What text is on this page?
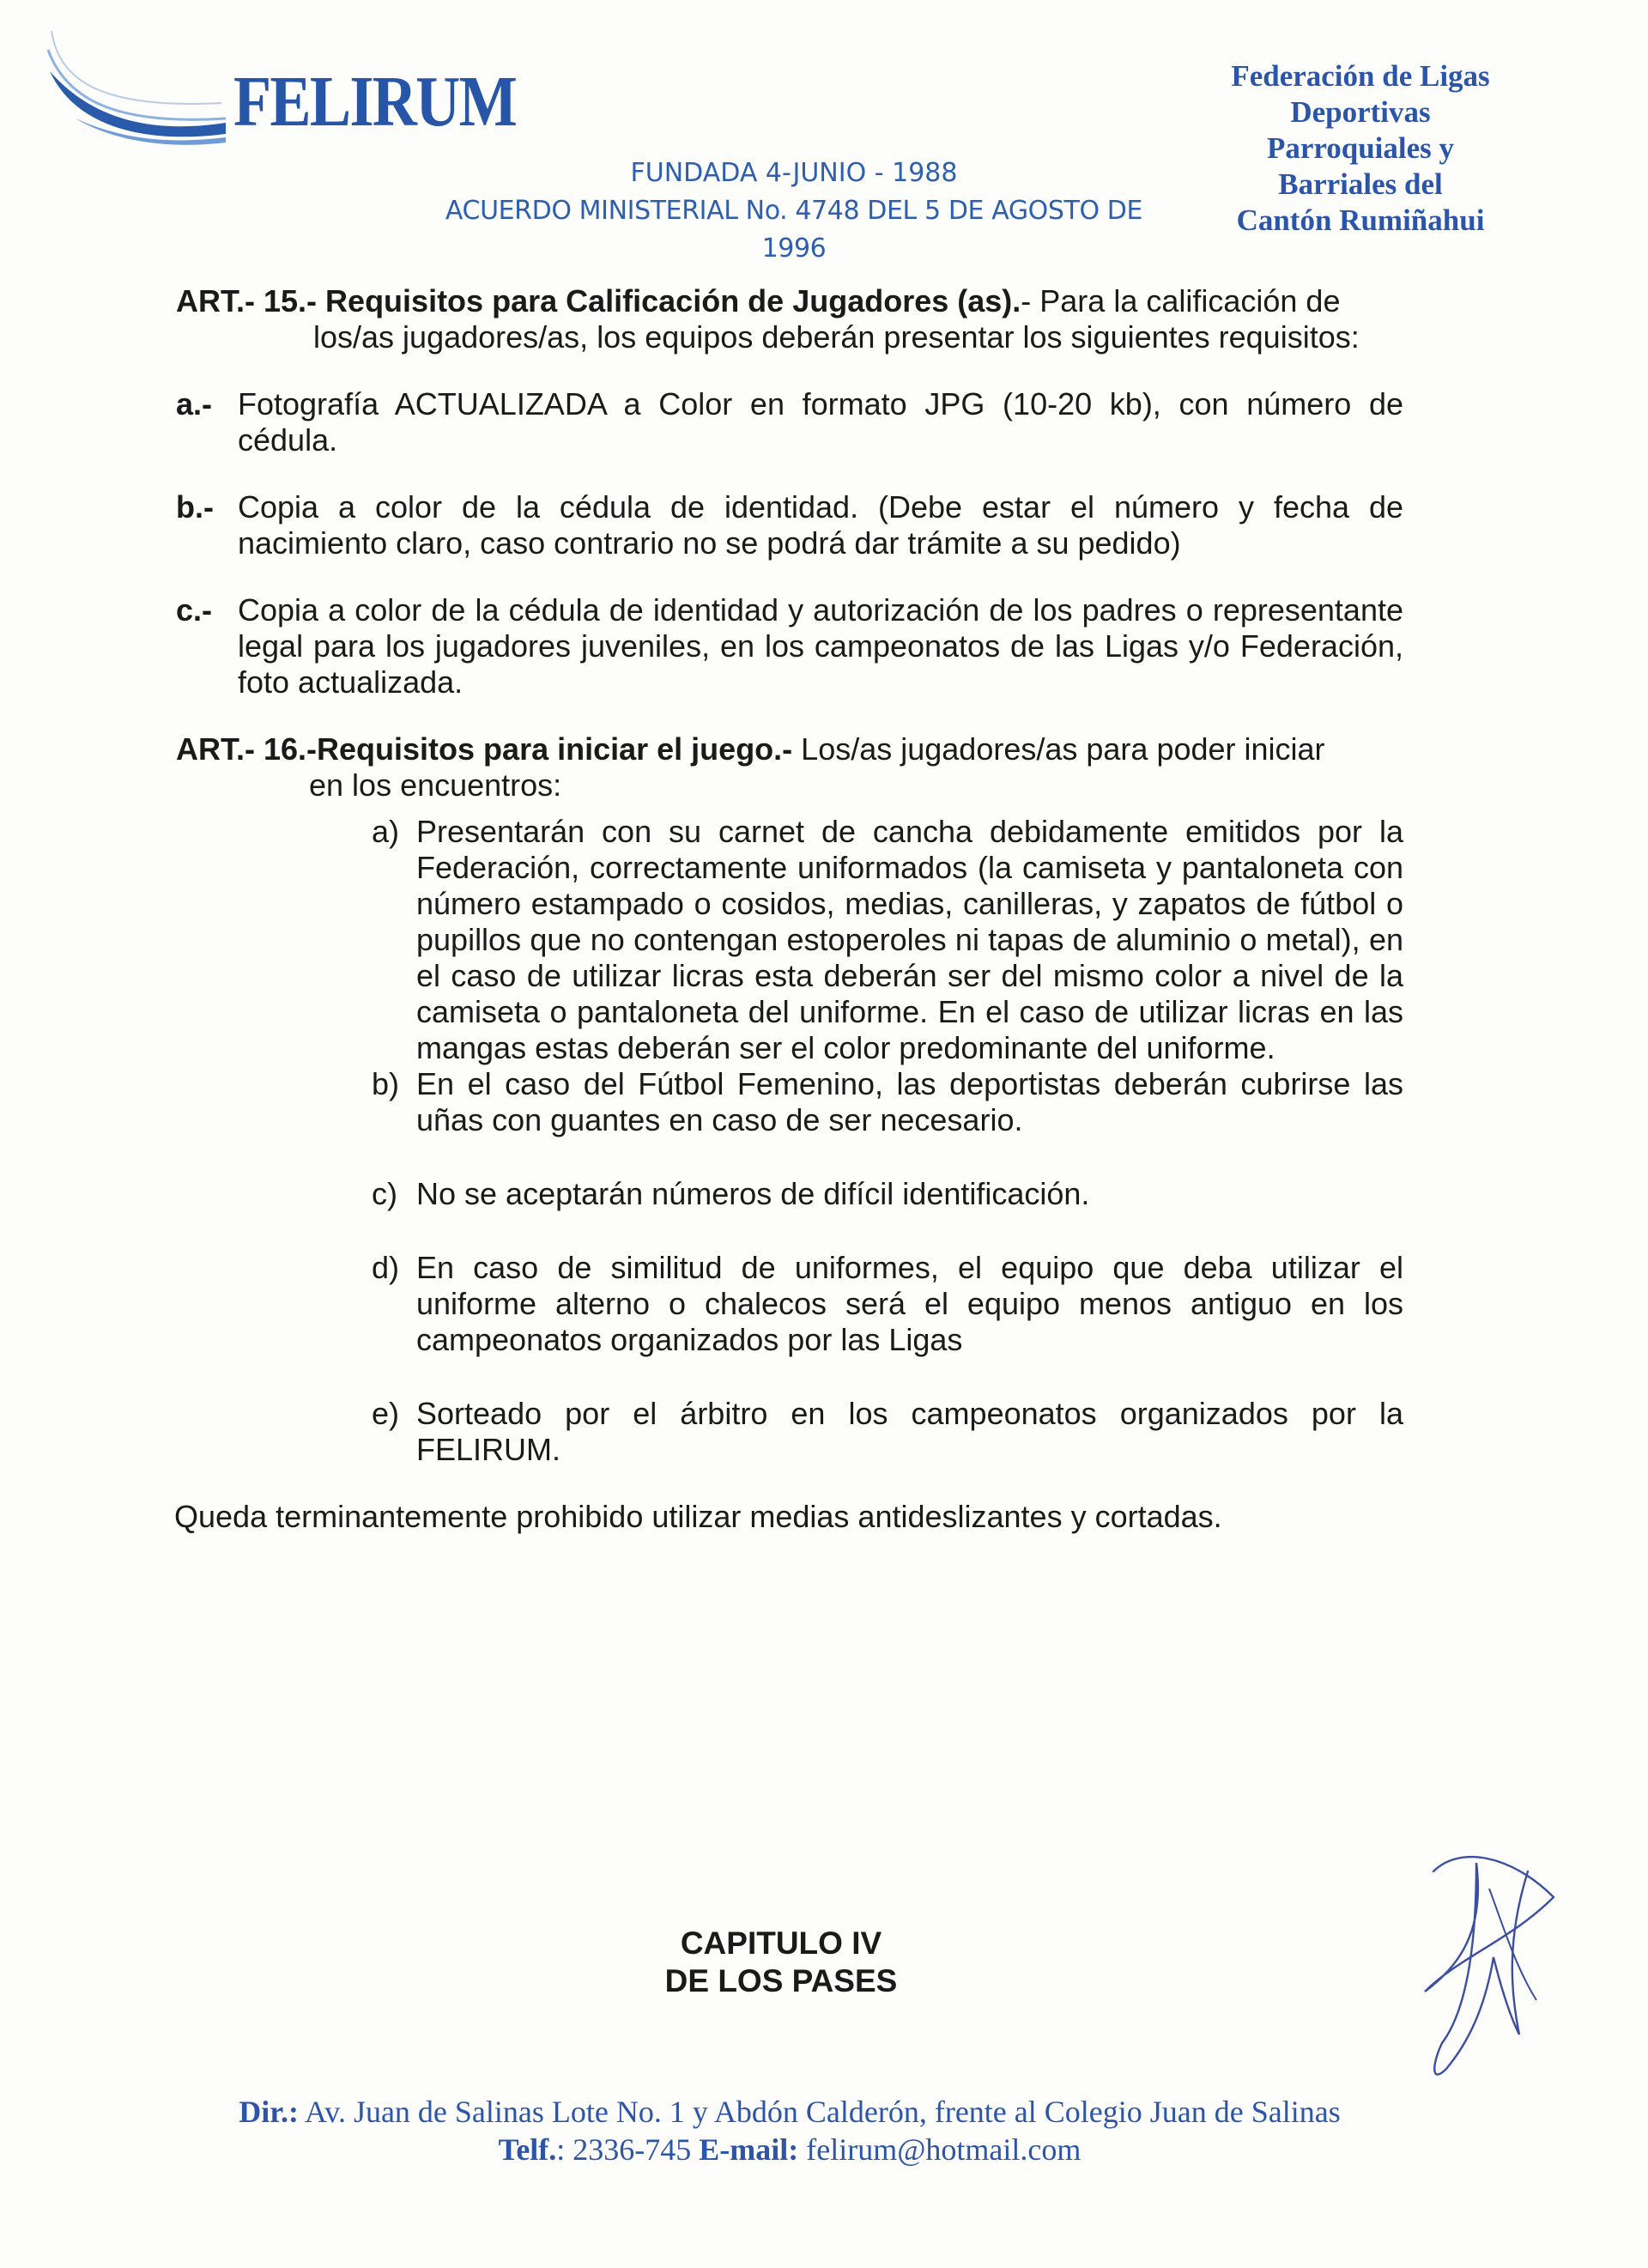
FELIRUM
FUNDADA 4-JUNIO - 1988
ACUERDO MINISTERIAL No. 4748 DEL 5 DE AGOSTO DE 1996
Federación de Ligas
Deportivas
Parroquiales y
Barriales del
Cantón Rumiñahui
ART.- 15.- Requisitos para Calificación de Jugadores (as).- Para la calificación de
los/as jugadores/as, los equipos deberán presentar los siguientes requisitos:
a.- Fotografía ACTUALIZADA a Color en formato JPG (10-20 kb), con número de cédula.
b.- Copia a color de la cédula de identidad. (Debe estar el número y fecha de nacimiento claro, caso contrario no se podrá dar trámite a su pedido)
c.- Copia a color de la cédula de identidad y autorización de los padres o representante legal para los jugadores juveniles, en los campeonatos de las Ligas y/o Federación, foto actualizada.
ART.- 16.-Requisitos para iniciar el juego.- Los/as jugadores/as para poder iniciar
en los encuentros:
a) Presentarán con su carnet de cancha debidamente emitidos por la Federación, correctamente uniformados (la camiseta y pantaloneta con número estampado o cosidos, medias, canilleras, y zapatos de fútbol o pupillos que no contengan estoperoles ni tapas de aluminio o metal), en el caso de utilizar licras esta deberán ser del mismo color a nivel de la camiseta o pantaloneta del uniforme. En el caso de utilizar licras en las mangas estas deberán ser el color predominante del uniforme.
b) En el caso del Fútbol Femenino, las deportistas deberán cubrirse las uñas con guantes en caso de ser necesario.
c) No se aceptarán números de difícil identificación.
d) En caso de similitud de uniformes, el equipo que deba utilizar el uniforme alterno o chalecos será el equipo menos antiguo en los campeonatos organizados por las Ligas
e) Sorteado por el árbitro en los campeonatos organizados por la FELIRUM.
Queda terminantemente prohibido utilizar medias antideslizantes y cortadas.
CAPITULO IV
DE LOS PASES
Dir.: Av. Juan de Salinas Lote No. 1 y Abdón Calderón, frente al Colegio Juan de Salinas
Telf.: 2336-745 E-mail: felirum@hotmail.com
